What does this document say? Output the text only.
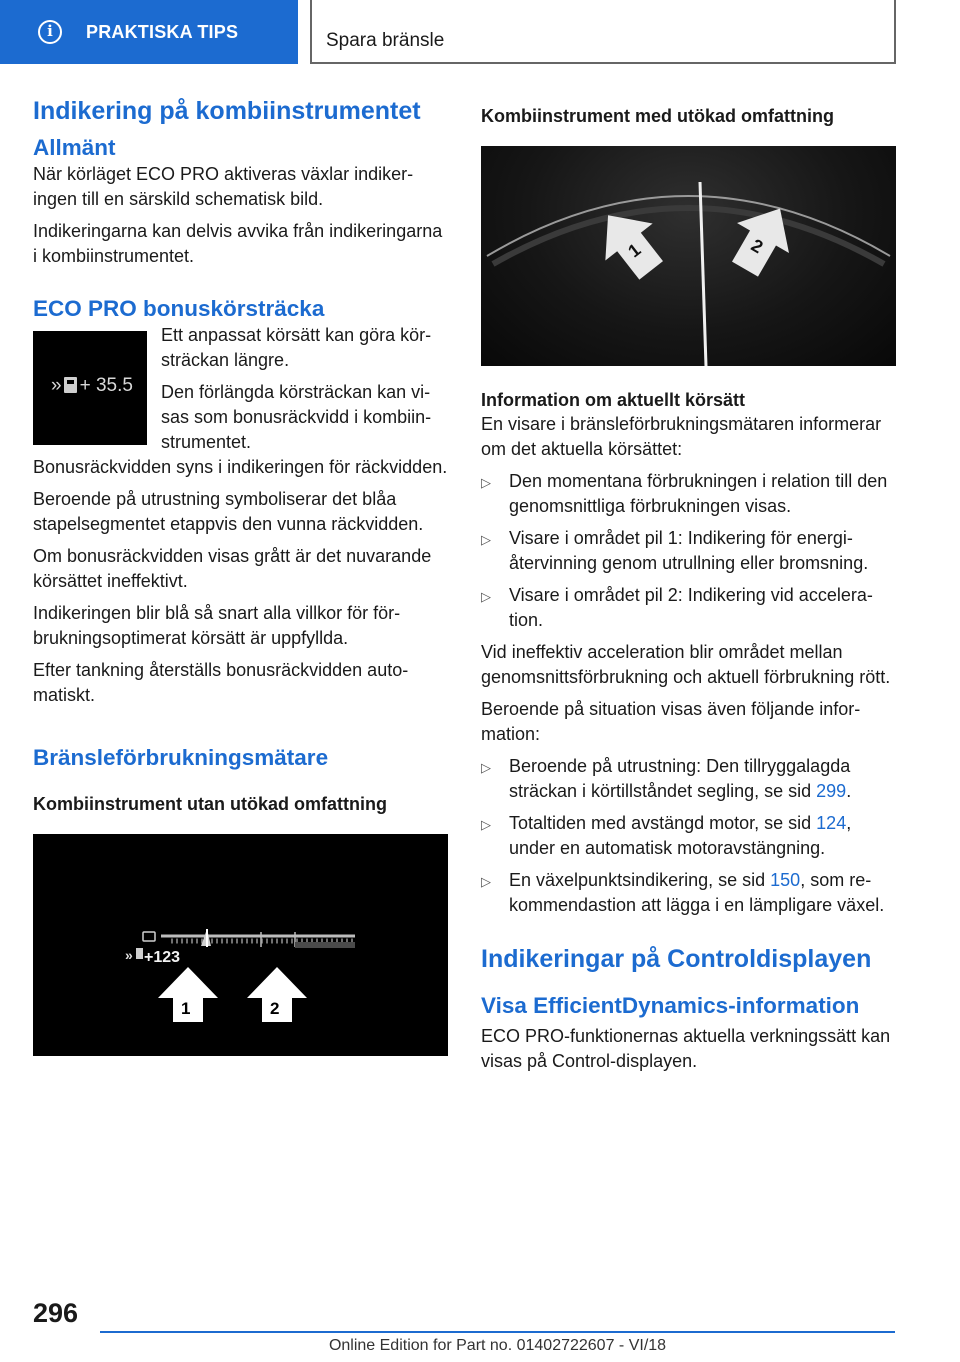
i	PRAKTISKA TIPS	Spara bränsle
Indikering på kombiinstrumentet
Allmänt

När körläget ECO PRO aktiveras växlar indikeringen till en särskild schematisk bild.

Indikeringarna kan delvis avvika från indikeringarna i kombiinstrumentet.

ECO PRO bonuskörsträcka
» + 35.5

Ett anpassat körsätt kan göra körsträckan längre.

Den förlängda körsträckan kan visas som bonusräckvidd i kombiinstrumentet.

Bonusräckvidden syns i indikeringen för räckvidden.

Beroende på utrustning symboliserar det blåa stapelsegmentet etappvis den vunna räckvidden.

Om bonusräckvidden visas grått är det nuvarande körsättet ineffektivt.

Indikeringen blir blå så snart alla villkor för förbrukningsoptimerat körsätt är uppfyllda.

Efter tankning återställs bonusräckvidden automatiskt.

Bränsleförbrukningsmätare
Kombiinstrument utan utökad omfattning
» +123
1	2
Kombiinstrument med utökad omfattning
1	2
Information om aktuellt körsätt

En visare i bränsleförbrukningsmätaren informerar om det aktuella körsättet:

▷ Den momentana förbrukningen i relation till den genomsnittliga förbrukningen visas.
▷ Visare i området pil 1: Indikering för energiåtervinning genom utrullning eller bromsning.
▷ Visare i området pil 2: Indikering vid acceleration.

Vid ineffektiv acceleration blir området mellan genomsnittsförbrukning och aktuell förbrukning rött.

Beroende på situation visas även följande information:

▷ Beroende på utrustning: Den tillryggalagda sträckan i körtillståndet segling, se sid 299.
▷ Totaltiden med avstängd motor, se sid 124, under en automatisk motoravstängning.
▷ En växelpunktsindikering, se sid 150, som rekommendastion att lägga i en lämpligare växel.
Indikeringar på Controldisplayen
Visa EfficientDynamics-information

ECO PRO-funktionernas aktuella verkningssätt kan visas på Control-displayen.

296
Online Edition for Part no. 01402722607 - VI/18
